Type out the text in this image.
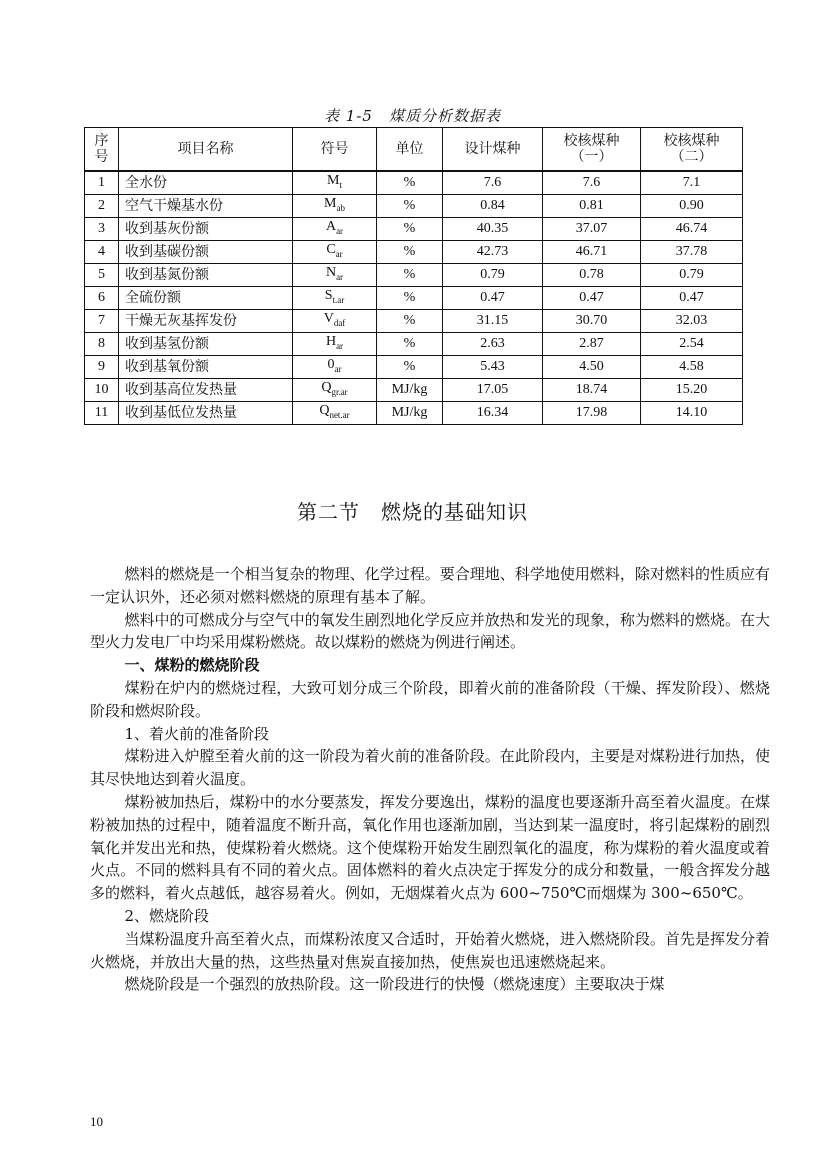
表 1-5　煤质分析数据表
序号	项目名称	符号	单位	设计煤种	校核煤种（一）	校核煤种（二）
1	全水份	$M_t$	%	7.6	7.6	7.1
2	空气干燥基水份	$M_{ab}$	%	0.84	0.81	0.90
3	收到基灰份额	$A_{ar}$	%	40.35	37.07	46.74
4	收到基碳份额	$C_{ar}$	%	42.73	46.71	37.78
5	收到基氮份额	$N_{ar}$	%	0.79	0.78	0.79
6	全硫份额	$S_{t.ar}$	%	0.47	0.47	0.47
7	干燥无灰基挥发份	$V_{daf}$	%	31.15	30.70	32.03
8	收到基氢份额	$H_{ar}$	%	2.63	2.87	2.54
9	收到基氧份额	$0_{ar}$	%	5.43	4.50	4.58
10	收到基高位发热量	$Q_{gr.ar}$	MJ/kg	17.05	18.74	15.20
11	收到基低位发热量	$Q_{net.ar}$	MJ/kg	16.34	17.98	14.10
第二节　燃烧的基础知识

燃料的燃烧是一个相当复杂的物理、化学过程。要合理地、科学地使用燃料，除对燃料的性质应有一定认识外，还必须对燃料燃烧的原理有基本了解。

燃料中的可燃成分与空气中的氧发生剧烈地化学反应并放热和发光的现象，称为燃料的燃烧。在大型火力发电厂中均采用煤粉燃烧。故以煤粉的燃烧为例进行阐述。

一、煤粉的燃烧阶段

煤粉在炉内的燃烧过程，大致可划分成三个阶段，即着火前的准备阶段（干燥、挥发阶段）、燃烧阶段和燃烬阶段。

1、着火前的准备阶段

煤粉进入炉膛至着火前的这一阶段为着火前的准备阶段。在此阶段内，主要是对煤粉进行加热，使其尽快地达到着火温度。

煤粉被加热后，煤粉中的水分要蒸发，挥发分要逸出，煤粉的温度也要逐渐升高至着火温度。在煤粉被加热的过程中，随着温度不断升高，氧化作用也逐渐加剧，当达到某一温度时，将引起煤粉的剧烈氧化并发出光和热，使煤粉着火燃烧。这个使煤粉开始发生剧烈氧化的温度，称为煤粉的着火温度或着火点。不同的燃料具有不同的着火点。固体燃料的着火点决定于挥发分的成分和数量，一般含挥发分越多的燃料，着火点越低，越容易着火。例如，无烟煤着火点为 600~750℃而烟煤为 300~650℃。

2、燃烧阶段

当煤粉温度升高至着火点，而煤粉浓度又合适时，开始着火燃烧，进入燃烧阶段。首先是挥发分着火燃烧，并放出大量的热，这些热量对焦炭直接加热，使焦炭也迅速燃烧起来。

燃烧阶段是一个强烈的放热阶段。这一阶段进行的快慢（燃烧速度）主要取决于煤

10
